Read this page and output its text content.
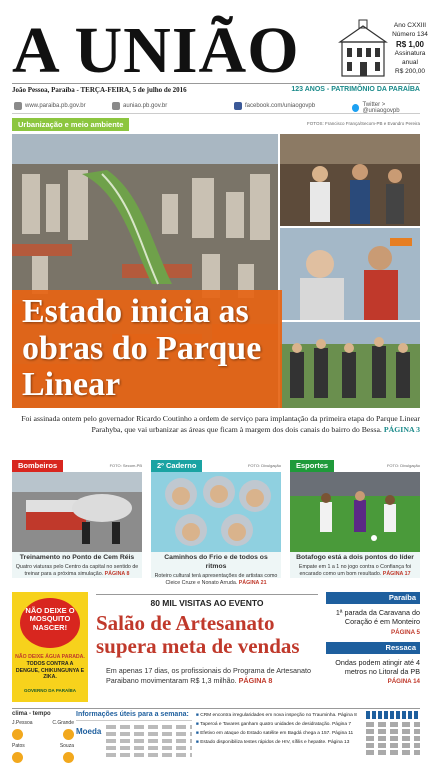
A UNIÃO	Ano CXXIII
Número 134
R$ 1,00
Assinatura
anual
R$ 200,00
João Pessoa, Paraíba - TERÇA-FEIRA, 5 de julho de 2016	123 ANOS - PATRIMÔNIO DA PARAÍBA
www.paraiba.pb.gov.br	auniao.pb.gov.br	facebook.com/uniaogovpb	Twitter > @uniaogovpb
Urbanização e meio ambiente	FOTOS: Francisco França/Secom-PB e Evandro Pereira
Estado inicia as obras do Parque Linear
Foi assinada ontem pelo governador Ricardo Coutinho a ordem de serviço para implantação da primeira etapa do Parque Linear Parahyba, que vai urbanizar as áreas que ficam à margem dos dois canais do bairro do Bessa. PÁGINA 3
Bombeiros	FOTO: Secom-PB
Treinamento no Ponto de Cem Réis
Quatro viaturas pelo Centro da capital no sentido de treinar para a próxima simulação. PÁGINA 8
2º Caderno	FOTO: Divulgação
Caminhos do Frio e de todos os ritmos
Roteiro cultural terá apresentações de artistas como Cleice Cruze e Nonato Arruda. PÁGINA 21
Esportes	FOTO: Divulgação
Botafogo está a dois pontos do líder
Empate em 1 a 1 no jogo contra o Confiança foi encarado como um bom resultado. PÁGINA 17
NÃO DEIXE O MOSQUITO NASCER!
NÃO DEIXE ÁGUA PARADA.
TODOS CONTRA A DENGUE, CHIKUNGUNYA E ZIKA.
GOVERNO DA PARAÍBA
80 MIL VISITAS AO EVENTO
Salão de Artesanato supera meta de vendas

Em apenas 17 dias, os profissionais do Programa de Artesanato Paraibano movimentaram R$ 1,3 milhão. PÁGINA 8

Paraíba
1ª parada da Caravana do Coração é em Monteiro
PÁGINA 5
Ressaca
Ondas podem atingir até 4 metros no Litoral da PB
PÁGINA 14
clima - tempo
J.Pessoa	C.Grande
Patos	Souza
Informações úteis para a semana:
Moeda
■ CRM encontra irregularidades em nova inspeção no Trauminha. Página 8
■ Taperoá e Tavares ganham quatro unidades de desidratação. Página 7
■ Efetivo em ataque do Estado satélite em Bagdá chega a 157. Página 11
■ Estado disponibiliza testes rápidos de HIV, sífilis e hepatite. Página 13
